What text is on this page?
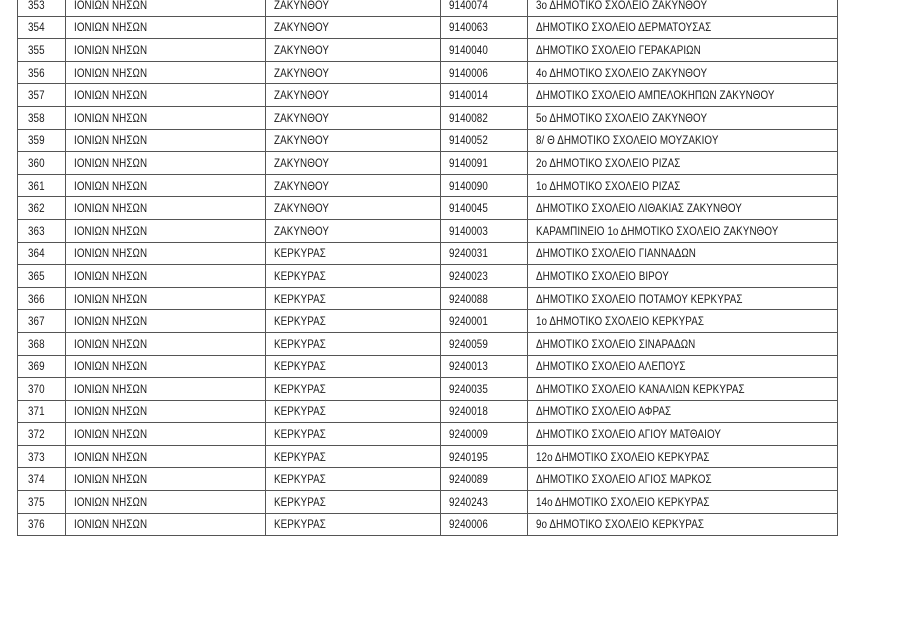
353	ΙΟΝΙΩΝ ΝΗΣΩΝ	ΖΑΚΥΝΘΟΥ	9140074	3ο ΔΗΜΟΤΙΚΟ ΣΧΟΛΕΙΟ ΖΑΚΥΝΘΟΥ
354	ΙΟΝΙΩΝ ΝΗΣΩΝ	ΖΑΚΥΝΘΟΥ	9140063	ΔΗΜΟΤΙΚΟ ΣΧΟΛΕΙΟ ΔΕΡΜΑΤΟΥΣΑΣ
355	ΙΟΝΙΩΝ ΝΗΣΩΝ	ΖΑΚΥΝΘΟΥ	9140040	ΔΗΜΟΤΙΚΟ ΣΧΟΛΕΙΟ ΓΕΡΑΚΑΡΙΩΝ
356	ΙΟΝΙΩΝ ΝΗΣΩΝ	ΖΑΚΥΝΘΟΥ	9140006	4ο ΔΗΜΟΤΙΚΟ ΣΧΟΛΕΙΟ ΖΑΚΥΝΘΟΥ
357	ΙΟΝΙΩΝ ΝΗΣΩΝ	ΖΑΚΥΝΘΟΥ	9140014	ΔΗΜΟΤΙΚΟ ΣΧΟΛΕΙΟ ΑΜΠΕΛΟΚΗΠΩΝ ΖΑΚΥΝΘΟΥ
358	ΙΟΝΙΩΝ ΝΗΣΩΝ	ΖΑΚΥΝΘΟΥ	9140082	5ο ΔΗΜΟΤΙΚΟ ΣΧΟΛΕΙΟ ΖΑΚΥΝΘΟΥ
359	ΙΟΝΙΩΝ ΝΗΣΩΝ	ΖΑΚΥΝΘΟΥ	9140052	8/ Θ ΔΗΜΟΤΙΚΟ ΣΧΟΛΕΙΟ ΜΟΥΖΑΚΙΟΥ
360	ΙΟΝΙΩΝ ΝΗΣΩΝ	ΖΑΚΥΝΘΟΥ	9140091	2ο ΔΗΜΟΤΙΚΟ ΣΧΟΛΕΙΟ ΡΙΖΑΣ
361	ΙΟΝΙΩΝ ΝΗΣΩΝ	ΖΑΚΥΝΘΟΥ	9140090	1ο ΔΗΜΟΤΙΚΟ ΣΧΟΛΕΙΟ ΡΙΖΑΣ
362	ΙΟΝΙΩΝ ΝΗΣΩΝ	ΖΑΚΥΝΘΟΥ	9140045	ΔΗΜΟΤΙΚΟ ΣΧΟΛΕΙΟ ΛΙΘΑΚΙΑΣ ΖΑΚΥΝΘΟΥ
363	ΙΟΝΙΩΝ ΝΗΣΩΝ	ΖΑΚΥΝΘΟΥ	9140003	ΚΑΡΑΜΠΙΝΕΙΟ 1ο ΔΗΜΟΤΙΚΟ ΣΧΟΛΕΙΟ ΖΑΚΥΝΘΟΥ
364	ΙΟΝΙΩΝ ΝΗΣΩΝ	ΚΕΡΚΥΡΑΣ	9240031	ΔΗΜΟΤΙΚΟ ΣΧΟΛΕΙΟ ΓΙΑΝΝΑΔΩΝ
365	ΙΟΝΙΩΝ ΝΗΣΩΝ	ΚΕΡΚΥΡΑΣ	9240023	ΔΗΜΟΤΙΚΟ ΣΧΟΛΕΙΟ ΒΙΡΟΥ
366	ΙΟΝΙΩΝ ΝΗΣΩΝ	ΚΕΡΚΥΡΑΣ	9240088	ΔΗΜΟΤΙΚΟ ΣΧΟΛΕΙΟ ΠΟΤΑΜΟΥ ΚΕΡΚΥΡΑΣ
367	ΙΟΝΙΩΝ ΝΗΣΩΝ	ΚΕΡΚΥΡΑΣ	9240001	1ο ΔΗΜΟΤΙΚΟ ΣΧΟΛΕΙΟ ΚΕΡΚΥΡΑΣ
368	ΙΟΝΙΩΝ ΝΗΣΩΝ	ΚΕΡΚΥΡΑΣ	9240059	ΔΗΜΟΤΙΚΟ ΣΧΟΛΕΙΟ ΣΙΝΑΡΑΔΩΝ
369	ΙΟΝΙΩΝ ΝΗΣΩΝ	ΚΕΡΚΥΡΑΣ	9240013	ΔΗΜΟΤΙΚΟ ΣΧΟΛΕΙΟ ΑΛΕΠΟΥΣ
370	ΙΟΝΙΩΝ ΝΗΣΩΝ	ΚΕΡΚΥΡΑΣ	9240035	ΔΗΜΟΤΙΚΟ ΣΧΟΛΕΙΟ ΚΑΝΑΛΙΩΝ ΚΕΡΚΥΡΑΣ
371	ΙΟΝΙΩΝ ΝΗΣΩΝ	ΚΕΡΚΥΡΑΣ	9240018	ΔΗΜΟΤΙΚΟ ΣΧΟΛΕΙΟ ΑΦΡΑΣ
372	ΙΟΝΙΩΝ ΝΗΣΩΝ	ΚΕΡΚΥΡΑΣ	9240009	ΔΗΜΟΤΙΚΟ ΣΧΟΛΕΙΟ ΑΓΙΟΥ ΜΑΤΘΑΙΟΥ
373	ΙΟΝΙΩΝ ΝΗΣΩΝ	ΚΕΡΚΥΡΑΣ	9240195	12ο ΔΗΜΟΤΙΚΟ ΣΧΟΛΕΙΟ ΚΕΡΚΥΡΑΣ
374	ΙΟΝΙΩΝ ΝΗΣΩΝ	ΚΕΡΚΥΡΑΣ	9240089	ΔΗΜΟΤΙΚΟ ΣΧΟΛΕΙΟ ΑΓΙΟΣ ΜΑΡΚΟΣ
375	ΙΟΝΙΩΝ ΝΗΣΩΝ	ΚΕΡΚΥΡΑΣ	9240243	14ο ΔΗΜΟΤΙΚΟ ΣΧΟΛΕΙΟ ΚΕΡΚΥΡΑΣ
376	ΙΟΝΙΩΝ ΝΗΣΩΝ	ΚΕΡΚΥΡΑΣ	9240006	9ο ΔΗΜΟΤΙΚΟ ΣΧΟΛΕΙΟ ΚΕΡΚΥΡΑΣ
